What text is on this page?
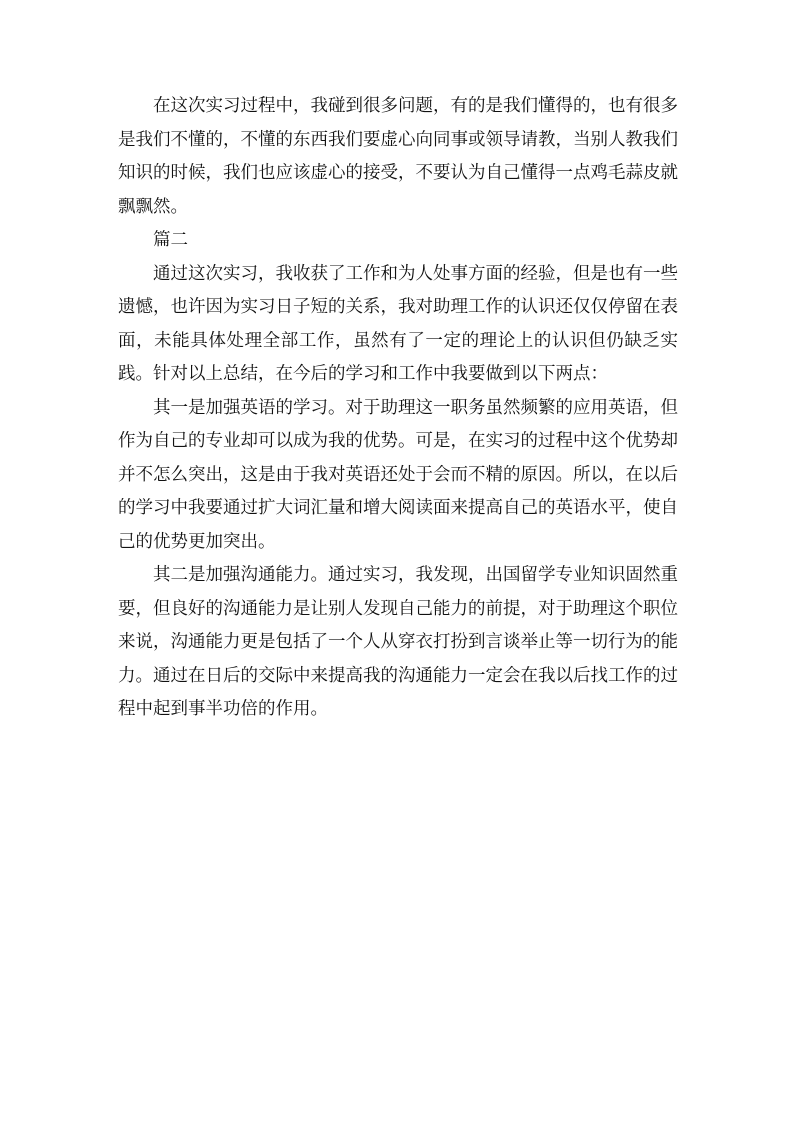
在这次实习过程中，我碰到很多问题，有的是我们懂得的，也有很多是我们不懂的，不懂的东西我们要虚心向同事或领导请教，当别人教我们知识的时候，我们也应该虚心的接受，不要认为自己懂得一点鸡毛蒜皮就飘飘然。

篇二

通过这次实习，我收获了工作和为人处事方面的经验，但是也有一些遗憾，也许因为实习日子短的关系，我对助理工作的认识还仅仅停留在表面，未能具体处理全部工作，虽然有了一定的理论上的认识但仍缺乏实践。针对以上总结，在今后的学习和工作中我要做到以下两点：

其一是加强英语的学习。对于助理这一职务虽然频繁的应用英语，但作为自己的专业却可以成为我的优势。可是，在实习的过程中这个优势却并不怎么突出，这是由于我对英语还处于会而不精的原因。所以，在以后的学习中我要通过扩大词汇量和增大阅读面来提高自己的英语水平，使自己的优势更加突出。

其二是加强沟通能力。通过实习，我发现，出国留学专业知识固然重要，但良好的沟通能力是让别人发现自己能力的前提，对于助理这个职位来说，沟通能力更是包括了一个人从穿衣打扮到言谈举止等一切行为的能力。通过在日后的交际中来提高我的沟通能力一定会在我以后找工作的过程中起到事半功倍的作用。
